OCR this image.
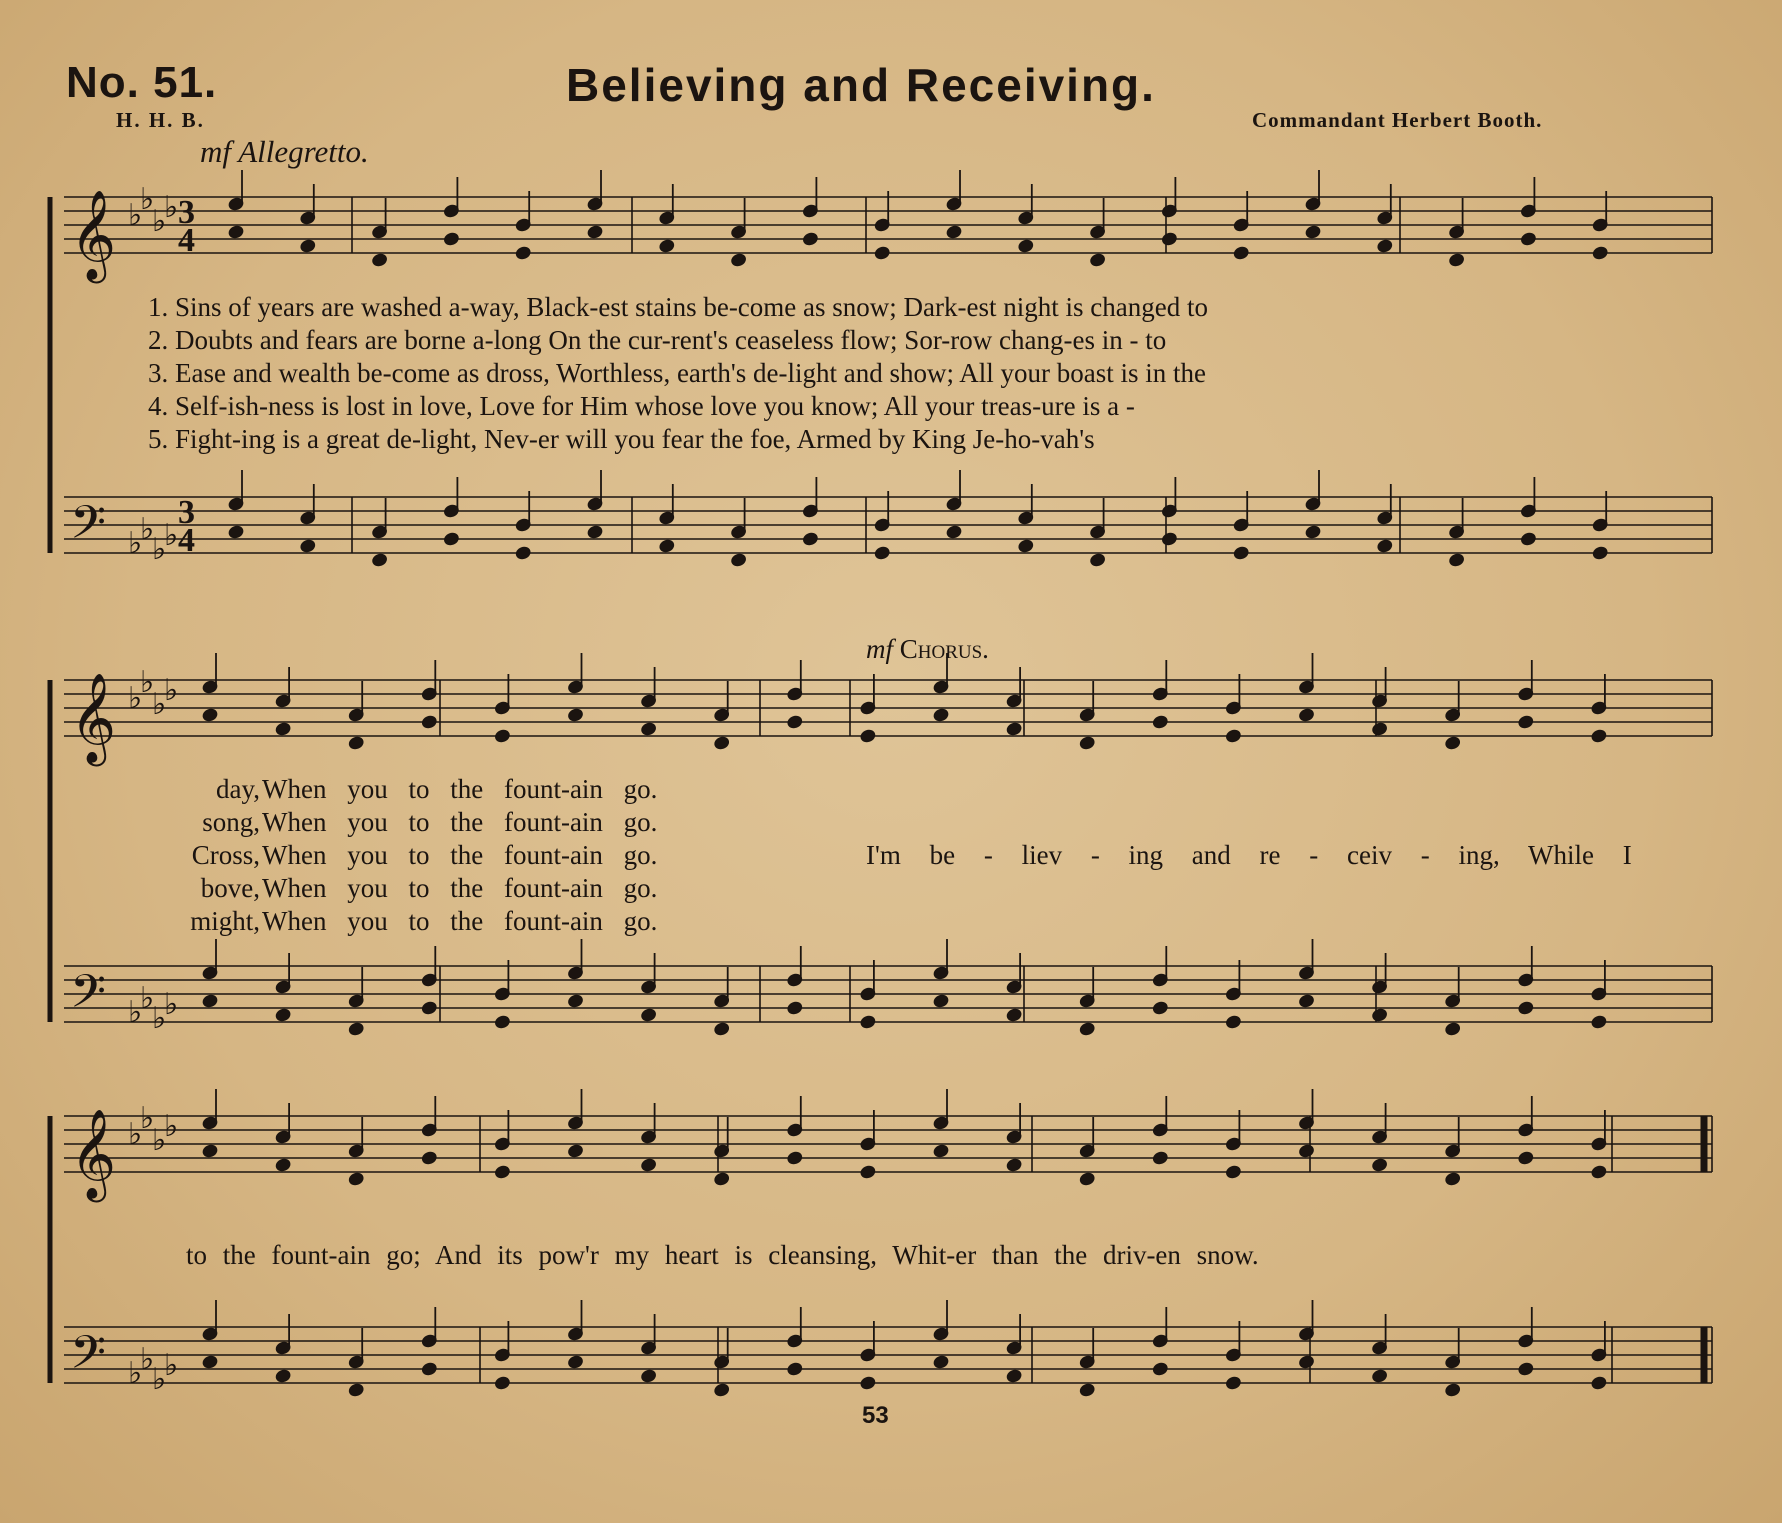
No. 51.	Believing and Receiving.
H. H. B.	Commandant Herbert Booth.
mf Allegretto.
1. Sins of years are washed a-way, Black-est stains be-come as snow; Dark-est night is changed to
2. Doubts and fears are borne a-long On the cur-rent's ceaseless flow; Sor-row chang-es in - to
3. Ease and wealth be-come as dross, Worthless, earth's de-light and show; All your boast is in the
4. Self-ish-ness is lost in love, Love for Him whose love you know; All your treas-ure is a -
5. Fight-ing is a great de-light, Nev-er will you fear the foe, Armed by King Je-ho-vah's
day,
song,
Cross,
bove,
might,
When you to the fount-ain go.
When you to the fount-ain go.
When you to the fount-ain go.
When you to the fount-ain go.
When you to the fount-ain go.
mf Chorus.
I'm be - liev - ing and re - ceiv - ing, While I
to the fount-ain go; And its pow'r my heart is cleansing, Whit-er than the driv-en snow.
53
𝄞 ♭
♭
♭
♭ 3
4
𝄢 ♭
♭
♭
♭
3
4
𝄞 ♭
♭
♭
♭
𝄢 ♭
♭
♭
♭
𝄞 ♭
♭
♭
♭
𝄢 ♭
♭
♭
♭
